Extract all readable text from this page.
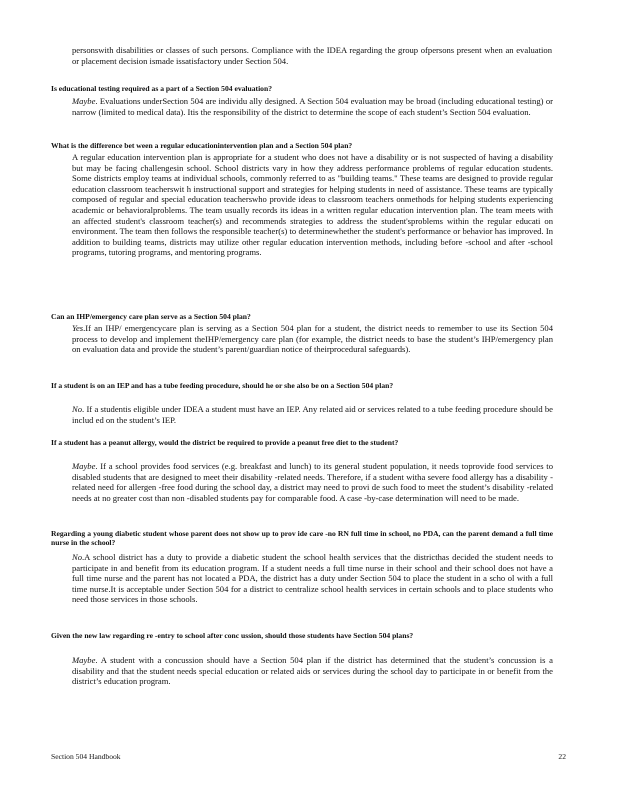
personswith disabilities or classes of such persons. Compliance with the IDEA regarding the group ofpersons present when an evaluation or placement decision ismade issatisfactory under Section 504.

Is educational testing required as a part of a Section 504 evaluation?

Maybe. Evaluations underSection 504 are individu ally designed. A Section 504 evaluation may be broad (including educational testing) or narrow (limited to medical data). Itis the responsibility of the district to determine the scope of each student’s Section 504 evaluation.

What is the difference bet ween a regular educationintervention plan and a Section 504 plan?

A regular education intervention plan is appropriate for a student who does not have a disability or is not suspected of having a disability but may be facing challengesin school. School districts vary in how they address performance problems of regular education students. Some districts employ teams at individual schools, commonly referred to as "building teams." These teams are designed to provide regular education classroom teacherswit h instructional support and strategies for helping students in need of assistance. These teams are typically composed of regular and special education teacherswho provide ideas to classroom teachers onmethods for helping students experiencing academic or behavioralproblems. The team usually records its ideas in a written regular education intervention plan. The team meets with an affected student's classroom teacher(s) and recommends strategies to address the student'sproblems within the regular educati on environment. The team then follows the responsible teacher(s) to determinewhether the student's performance or behavior has improved. In addition to building teams, districts may utilize other regular education intervention methods, including before -school and after -school programs, tutoring programs, and mentoring programs.

Can an IHP/emergency care plan serve as a Section 504 plan?

Yes.If an IHP/ emergencycare plan is serving as a Section 504 plan for a student, the district needs to remember to use its Section 504 process to develop and implement theIHP/emergency care plan (for example, the district needs to base the student’s IHP/emergency plan on evaluation data and provide the student’s parent/guardian notice of theirprocedural safeguards).

If a student is on an IEP and has a tube feeding procedure, should he or she also be on a Section 504 plan?

No. If a studentis eligible under IDEA a student must have an IEP. Any related aid or services related to a tube feeding procedure should be includ ed on the student’s IEP.

If a student has a peanut allergy, would the district be required to provide a peanut free diet to the student?

Maybe. If a school provides food services (e.g. breakfast and lunch) to its general student population, it needs toprovide food services to disabled students that are designed to meet their disability -related needs. Therefore, if a student witha severe food allergy has a disability -related need for allergen -free food during the school day, a district may need to provi de such food to meet the student’s disability -related needs at no greater cost than non -disabled students pay for comparable food. A case -by-case determination will need to be made.

Regarding a young diabetic student whose parent does not show up to prov ide care -no RN full time in school, no PDA, can the parent demand a full time nurse in the school?

No.A school district has a duty to provide a diabetic student the school health services that the districthas decided the student needs to participate in and benefit from its education program. If a student needs a full time nurse in their school and their school does not have a full time nurse and the parent has not located a PDA, the district has a duty under Section 504 to place the student in a scho ol with a full time nurse.It is acceptable under Section 504 for a district to centralize school health services in certain schools and to place students who need those services in those schools.

Given the new law regarding re -entry to school after conc ussion, should those students have Section 504 plans?

Maybe. A student with a concussion should have a Section 504 plan if the district has determined that the student’s concussion is a disability and that the student needs special education or related aids or services during the school day to participate in or benefit from the district’s education program.

Section 504 Handbook	22
